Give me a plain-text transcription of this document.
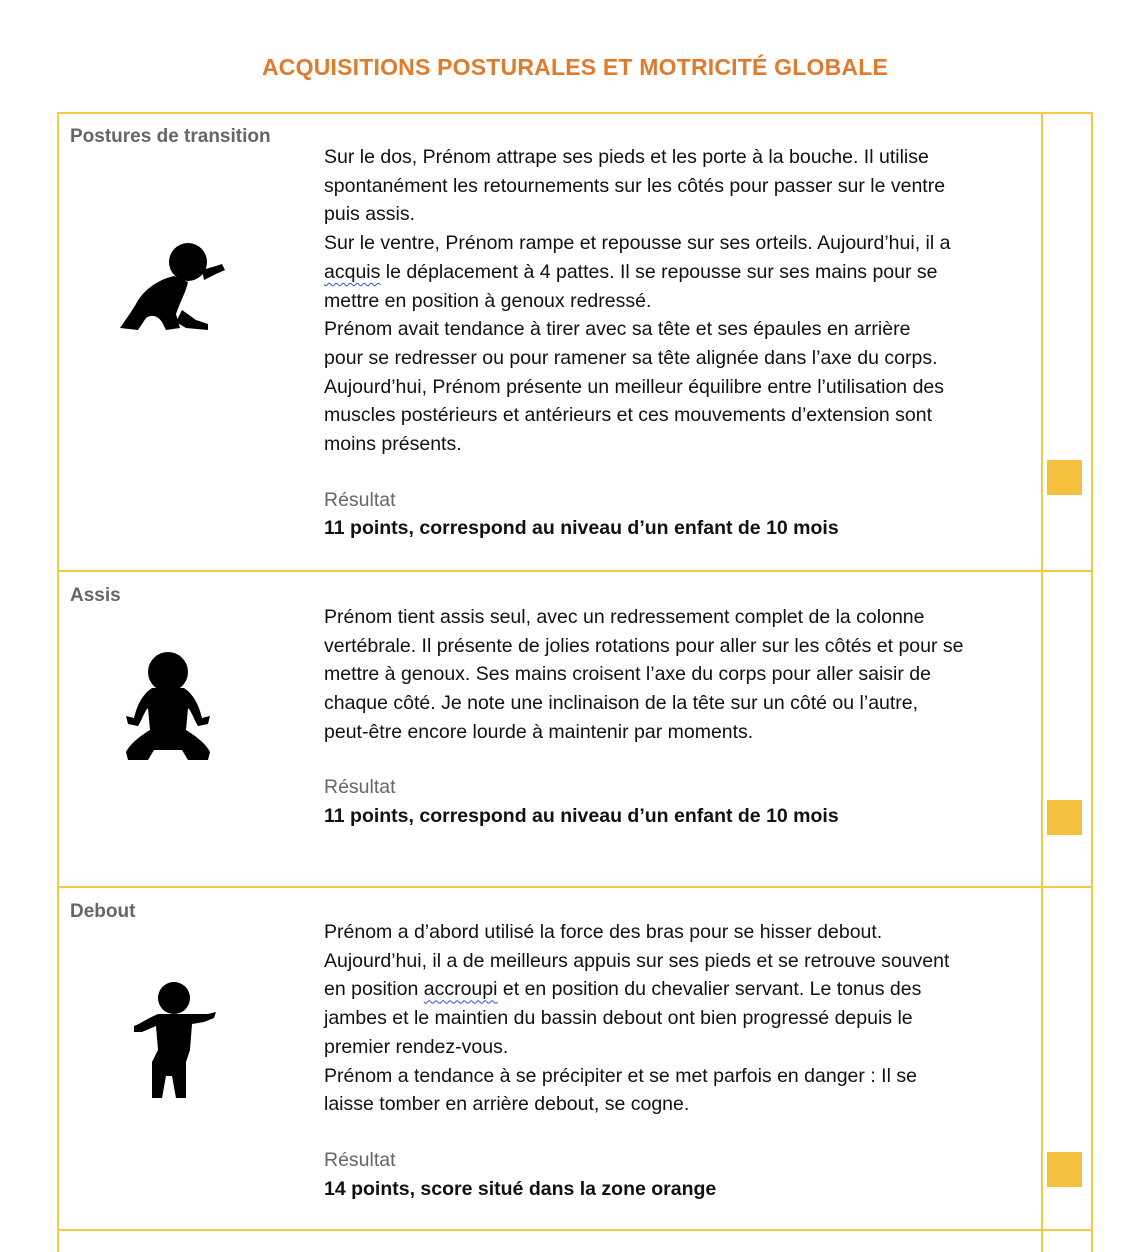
ACQUISITIONS POSTURALES ET MOTRICITÉ GLOBALE
Postures de transition

Sur le dos, Prénom attrape ses pieds et les porte à la bouche. Il utilise

spontanément les retournements sur les côtés pour passer sur le ventre

puis assis.

Sur le ventre, Prénom rampe et repousse sur ses orteils. Aujourd’hui, il a

acquis le déplacement à 4 pattes. Il se repousse sur ses mains pour se

mettre en position à genoux redressé.

Prénom avait tendance à tirer avec sa tête et ses épaules en arrière

pour se redresser ou pour ramener sa tête alignée dans l’axe du corps.

Aujourd’hui, Prénom présente un meilleur équilibre entre l’utilisation des

muscles postérieurs et antérieurs et ces mouvements d’extension sont

moins présents.

Résultat
11 points, correspond au niveau d’un enfant de 10 mois
Assis

Prénom tient assis seul, avec un redressement complet de la colonne

vertébrale. Il présente de jolies rotations pour aller sur les côtés et pour se

mettre à genoux. Ses mains croisent l’axe du corps pour aller saisir de

chaque côté. Je note une inclinaison de la tête sur un côté ou l’autre,

peut-être encore lourde à maintenir par moments.

Résultat
11 points, correspond au niveau d’un enfant de 10 mois
Debout

Prénom a d’abord utilisé la force des bras pour se hisser debout.

Aujourd’hui, il a de meilleurs appuis sur ses pieds et se retrouve souvent

en position accroupi et en position du chevalier servant. Le tonus des

jambes et le maintien du bassin debout ont bien progressé depuis le

premier rendez-vous.

Prénom a tendance à se précipiter et se met parfois en danger : Il se

laisse tomber en arrière debout, se cogne.

Résultat
14 points, score situé dans la zone orange
